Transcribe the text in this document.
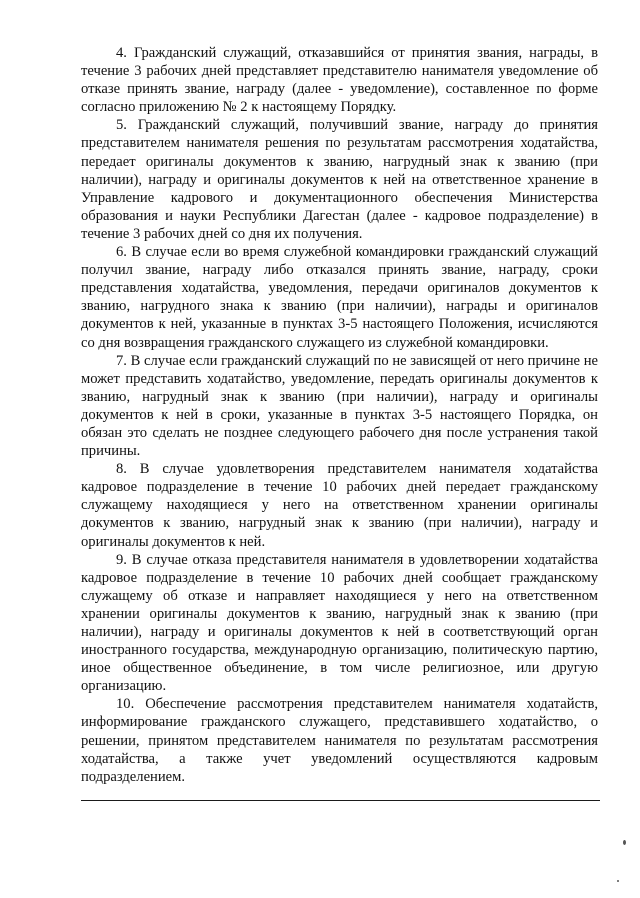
4. Гражданский служащий, отказавшийся от принятия звания, награды, в течение 3 рабочих дней представляет представителю нанимателя уведомление об отказе принять звание, награду (далее - уведомление), составленное по форме согласно приложению № 2 к настоящему Порядку.

5. Гражданский служащий, получивший звание, награду до принятия представителем нанимателя решения по результатам рассмотрения ходатайства, передает оригиналы документов к званию, нагрудный знак к званию (при наличии), награду и оригиналы документов к ней на ответственное хранение в Управление кадрового и документационного обеспечения Министерства образования и науки Республики Дагестан (далее - кадровое подразделение) в течение 3 рабочих дней со дня их получения.

6. В случае если во время служебной командировки гражданский служащий получил звание, награду либо отказался принять звание, награду, сроки представления ходатайства, уведомления, передачи оригиналов документов к званию, нагрудного знака к званию (при наличии), награды и оригиналов документов к ней, указанные в пунктах 3-5 настоящего Положения, исчисляются со дня возвращения гражданского служащего из служебной командировки.

7. В случае если гражданский служащий по не зависящей от него причине не может представить ходатайство, уведомление, передать оригиналы документов к званию, нагрудный знак к званию (при наличии), награду и оригиналы документов к ней в сроки, указанные в пунктах 3-5 настоящего Порядка, он обязан это сделать не позднее следующего рабочего дня после устранения такой причины.

8. В случае удовлетворения представителем нанимателя ходатайства кадровое подразделение в течение 10 рабочих дней передает гражданскому служащему находящиеся у него на ответственном хранении оригиналы документов к званию, нагрудный знак к званию (при наличии), награду и оригиналы документов к ней.

9. В случае отказа представителя нанимателя в удовлетворении ходатайства кадровое подразделение в течение 10 рабочих дней сообщает гражданскому служащему об отказе и направляет находящиеся у него на ответственном хранении оригиналы документов к званию, нагрудный знак к званию (при наличии), награду и оригиналы документов к ней в соответствующий орган иностранного государства, международную организацию, политическую партию, иное общественное объединение, в том числе религиозное, или другую организацию.

10. Обеспечение рассмотрения представителем нанимателя ходатайств, информирование гражданского служащего, представившего ходатайство, о решении, принятом представителем нанимателя по результатам рассмотрения ходатайства, а также учет уведомлений осуществляются кадровым подразделением.
